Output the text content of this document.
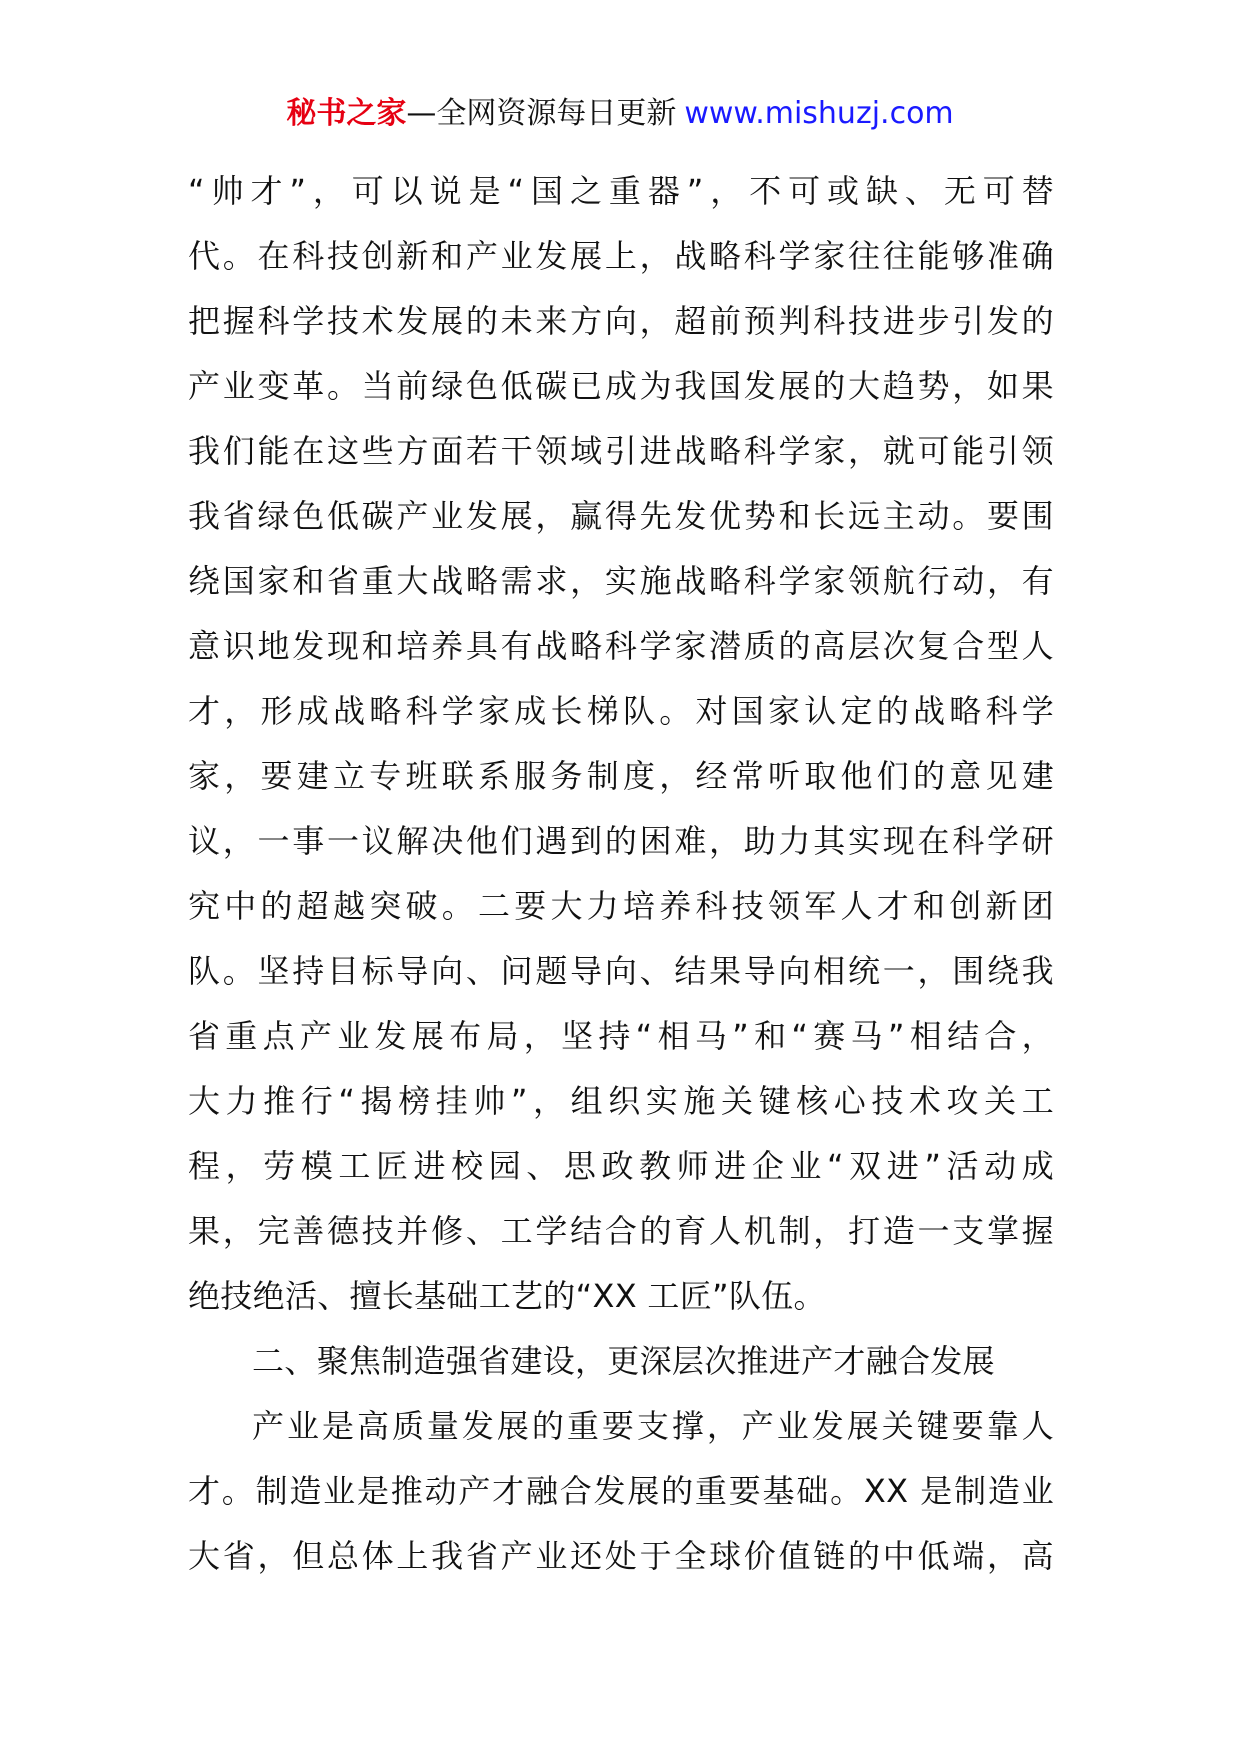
秘书之家—全网资源每日更新 www.mishuzj.com
“帅才”，可以说是“国之重器”，不可或缺、无可替
代。在科技创新和产业发展上，战略科学家往往能够准确
把握科学技术发展的未来方向，超前预判科技进步引发的
产业变革。当前绿色低碳已成为我国发展的大趋势，如果
我们能在这些方面若干领域引进战略科学家，就可能引领
我省绿色低碳产业发展，赢得先发优势和长远主动。要围
绕国家和省重大战略需求，实施战略科学家领航行动，有
意识地发现和培养具有战略科学家潜质的高层次复合型人
才，形成战略科学家成长梯队。对国家认定的战略科学
家，要建立专班联系服务制度，经常听取他们的意见建
议，一事一议解决他们遇到的困难，助力其实现在科学研
究中的超越突破。二要大力培养科技领军人才和创新团
队。坚持目标导向、问题导向、结果导向相统一，围绕我
省重点产业发展布局，坚持“相马”和“赛马”相结合，
大力推行“揭榜挂帅”，组织实施关键核心技术攻关工
程，劳模工匠进校园、思政教师进企业“双进”活动成
果，完善德技并修、工学结合的育人机制，打造一支掌握
绝技绝活、擅长基础工艺的“XX 工匠”队伍。
二、聚焦制造强省建设，更深层次推进产才融合发展
产业是高质量发展的重要支撑，产业发展关键要靠人
才。制造业是推动产才融合发展的重要基础。XX 是制造业
大省，但总体上我省产业还处于全球价值链的中低端，高
